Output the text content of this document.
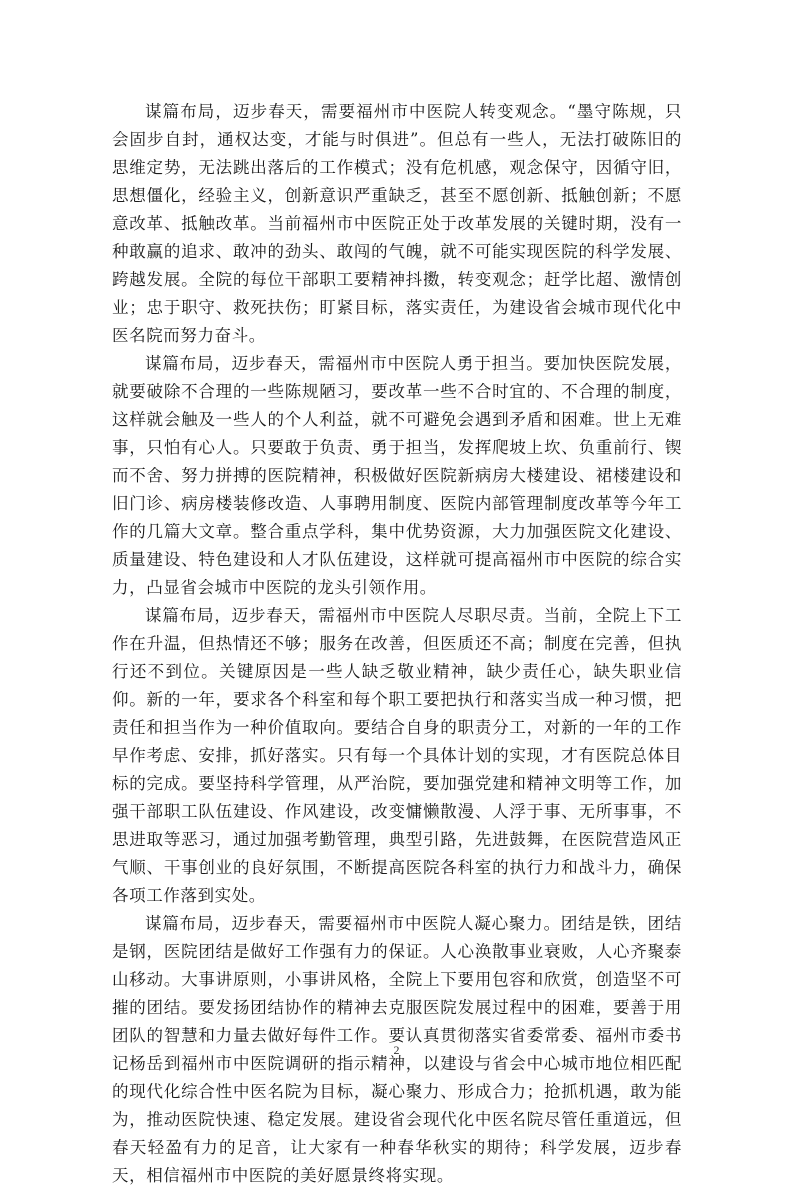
谋篇布局，迈步春天，需要福州市中医院人转变观念。“墨守陈规，只会固步自封，通权达变，才能与时俱进”。但总有一些人，无法打破陈旧的思维定势，无法跳出落后的工作模式；没有危机感，观念保守，因循守旧，思想僵化，经验主义，创新意识严重缺乏，甚至不愿创新、抵触创新；不愿意改革、抵触改革。当前福州市中医院正处于改革发展的关键时期，没有一种敢赢的追求、敢冲的劲头、敢闯的气魄，就不可能实现医院的科学发展、跨越发展。全院的每位干部职工要精神抖擞，转变观念；赶学比超、激情创业；忠于职守、救死扶伤；盯紧目标，落实责任，为建设省会城市现代化中医名院而努力奋斗。

谋篇布局，迈步春天，需福州市中医院人勇于担当。要加快医院发展，就要破除不合理的一些陈规陋习，要改革一些不合时宜的、不合理的制度，这样就会触及一些人的个人利益，就不可避免会遇到矛盾和困难。世上无难事，只怕有心人。只要敢于负责、勇于担当，发挥爬坡上坎、负重前行、锲而不舍、努力拼搏的医院精神，积极做好医院新病房大楼建设、裙楼建设和旧门诊、病房楼装修改造、人事聘用制度、医院内部管理制度改革等今年工作的几篇大文章。整合重点学科，集中优势资源，大力加强医院文化建设、质量建设、特色建设和人才队伍建设，这样就可提高福州市中医院的综合实力，凸显省会城市中医院的龙头引领作用。

谋篇布局，迈步春天，需福州市中医院人尽职尽责。当前，全院上下工作在升温，但热情还不够；服务在改善，但医质还不高；制度在完善，但执行还不到位。关键原因是一些人缺乏敬业精神，缺少责任心，缺失职业信仰。新的一年，要求各个科室和每个职工要把执行和落实当成一种习惯，把责任和担当作为一种价值取向。要结合自身的职责分工，对新的一年的工作早作考虑、安排，抓好落实。只有每一个具体计划的实现，才有医院总体目标的完成。要坚持科学管理，从严治院，要加强党建和精神文明等工作，加强干部职工队伍建设、作风建设，改变慵懒散漫、人浮于事、无所事事，不思进取等恶习，通过加强考勤管理，典型引路，先进鼓舞，在医院营造风正气顺、干事创业的良好氛围，不断提高医院各科室的执行力和战斗力，确保各项工作落到实处。

谋篇布局，迈步春天，需要福州市中医院人凝心聚力。团结是铁，团结是钢，医院团结是做好工作强有力的保证。人心涣散事业衰败，人心齐聚泰山移动。大事讲原则，小事讲风格，全院上下要用包容和欣赏，创造坚不可摧的团结。要发扬团结协作的精神去克服医院发展过程中的困难，要善于用团队的智慧和力量去做好每件工作。要认真贯彻落实省委常委、福州市委书记杨岳到福州市中医院调研的指示精神，以建设与省会中心城市地位相匹配的现代化综合性中医名院为目标，凝心聚力、形成合力；抢抓机遇，敢为能为，推动医院快速、稳定发展。建设省会现代化中医名院尽管任重道远，但春天轻盈有力的足音，让大家有一种春华秋实的期待；科学发展，迈步春天，相信福州市中医院的美好愿景终将实现。

2
